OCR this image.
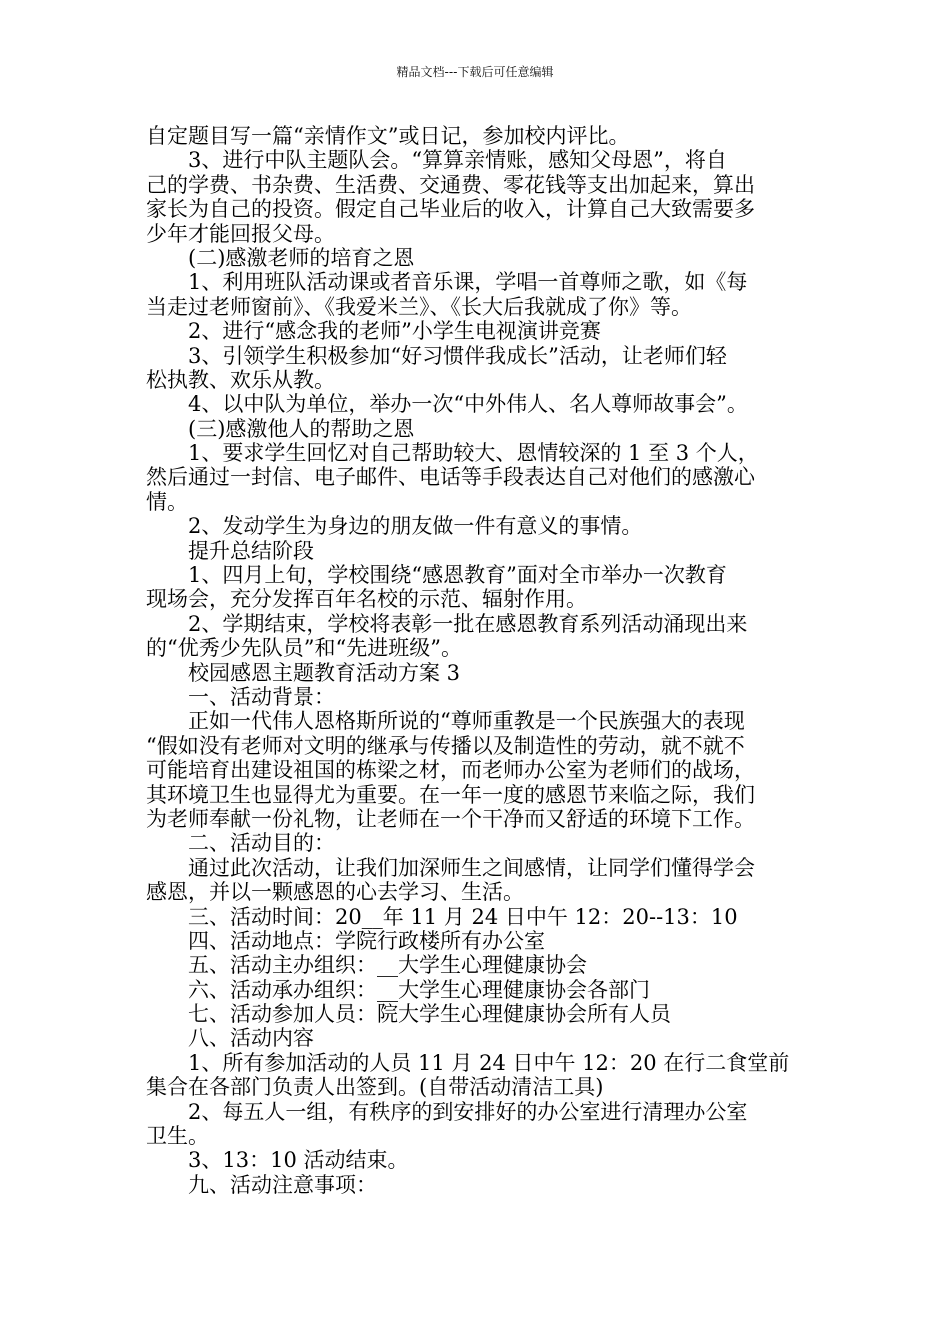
精品文档---下载后可任意编辑
自定题目写一篇“亲情作文”或日记，参加校内评比。
3、进行中队主题队会。“算算亲情账，感知父母恩”，将自
己的学费、书杂费、生活费、交通费、零花钱等支出加起来，算出
家长为自己的投资。假定自己毕业后的收入，计算自己大致需要多
少年才能回报父母。
(二)感激老师的培育之恩
1、利用班队活动课或者音乐课，学唱一首尊师之歌，如《每
当走过老师窗前》、《我爱米兰》、《长大后我就成了你》等。
2、进行“感念我的老师”小学生电视演讲竞赛
3、引领学生积极参加“好习惯伴我成长”活动，让老师们轻
松执教、欢乐从教。
4、以中队为单位，举办一次“中外伟人、名人尊师故事会”。
(三)感激他人的帮助之恩
1、要求学生回忆对自己帮助较大、恩情较深的 1 至 3 个人，
然后通过一封信、电子邮件、电话等手段表达自己对他们的感激心
情。
2、发动学生为身边的朋友做一件有意义的事情。
提升总结阶段
1、四月上旬，学校围绕“感恩教育”面对全市举办一次教育
现场会，充分发挥百年名校的示范、辐射作用。
2、学期结束，学校将表彰一批在感恩教育系列活动涌现出来
的“优秀少先队员”和“先进班级”。
校园感恩主题教育活动方案 3
一、活动背景：
正如一代伟人恩格斯所说的“尊师重教是一个民族强大的表现
“假如没有老师对文明的继承与传播以及制造性的劳动，就不就不
可能培育出建设祖国的栋梁之材，而老师办公室为老师们的战场，
其环境卫生也显得尤为重要。在一年一度的感恩节来临之际，我们
为老师奉献一份礼物，让老师在一个干净而又舒适的环境下工作。
二、活动目的：
通过此次活动，让我们加深师生之间感情，让同学们懂得学会
感恩，并以一颗感恩的心去学习、生活。
三、活动时间：20__年 11 月 24 日中午 12：20--13：10
四、活动地点：学院行政楼所有办公室
五、活动主办组织：__大学生心理健康协会
六、活动承办组织：__大学生心理健康协会各部门
七、活动参加人员：院大学生心理健康协会所有人员
八、活动内容
1、所有参加活动的人员 11 月 24 日中午 12：20 在行二食堂前
集合在各部门负责人出签到。(自带活动清洁工具)
2、每五人一组，有秩序的到安排好的办公室进行清理办公室
卫生。
3、13：10 活动结束。
九、活动注意事项：
